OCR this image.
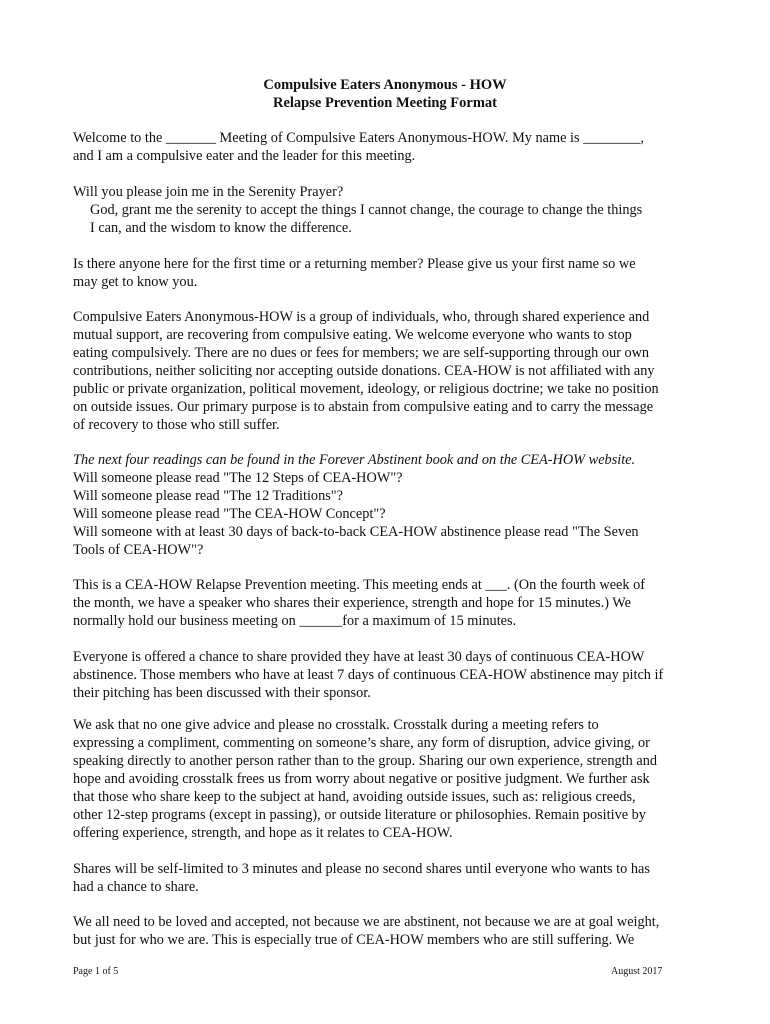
Compulsive Eaters Anonymous - HOW
Relapse Prevention Meeting Format
Welcome to the _______ Meeting of Compulsive Eaters Anonymous-HOW. My name is ________,
and I am a compulsive eater and the leader for this meeting.
Will you please join me in the Serenity Prayer?
God, grant me the serenity to accept the things I cannot change, the courage to change the things
I can, and the wisdom to know the difference.
Is there anyone here for the first time or a returning member? Please give us your first name so we
may get to know you.
Compulsive Eaters Anonymous-HOW is a group of individuals, who, through shared experience and
mutual support, are recovering from compulsive eating. We welcome everyone who wants to stop
eating compulsively. There are no dues or fees for members; we are self-supporting through our own
contributions, neither soliciting nor accepting outside donations. CEA-HOW is not affiliated with any
public or private organization, political movement, ideology, or religious doctrine; we take no position
on outside issues. Our primary purpose is to abstain from compulsive eating and to carry the message
of recovery to those who still suffer.
The next four readings can be found in the Forever Abstinent book and on the CEA-HOW website.
Will someone please read "The 12 Steps of CEA-HOW"?
Will someone please read "The 12 Traditions"?
Will someone please read "The CEA-HOW Concept"?
Will someone with at least 30 days of back-to-back CEA-HOW abstinence please read "The Seven
Tools of CEA-HOW"?
This is a CEA-HOW Relapse Prevention meeting. This meeting ends at ___. (On the fourth week of
the month, we have a speaker who shares their experience, strength and hope for 15 minutes.) We
normally hold our business meeting on ______for a maximum of 15 minutes.
Everyone is offered a chance to share provided they have at least 30 days of continuous CEA-HOW
abstinence. Those members who have at least 7 days of continuous CEA-HOW abstinence may pitch if
their pitching has been discussed with their sponsor.
We ask that no one give advice and please no crosstalk. Crosstalk during a meeting refers to
expressing a compliment, commenting on someone’s share, any form of disruption, advice giving, or
speaking directly to another person rather than to the group. Sharing our own experience, strength and
hope and avoiding crosstalk frees us from worry about negative or positive judgment. We further ask
that those who share keep to the subject at hand, avoiding outside issues, such as: religious creeds,
other 12-step programs (except in passing), or outside literature or philosophies. Remain positive by
offering experience, strength, and hope as it relates to CEA-HOW.
Shares will be self-limited to 3 minutes and please no second shares until everyone who wants to has
had a chance to share.
We all need to be loved and accepted, not because we are abstinent, not because we are at goal weight,
but just for who we are. This is especially true of CEA-HOW members who are still suffering. We
Page 1 of 5	August 2017
